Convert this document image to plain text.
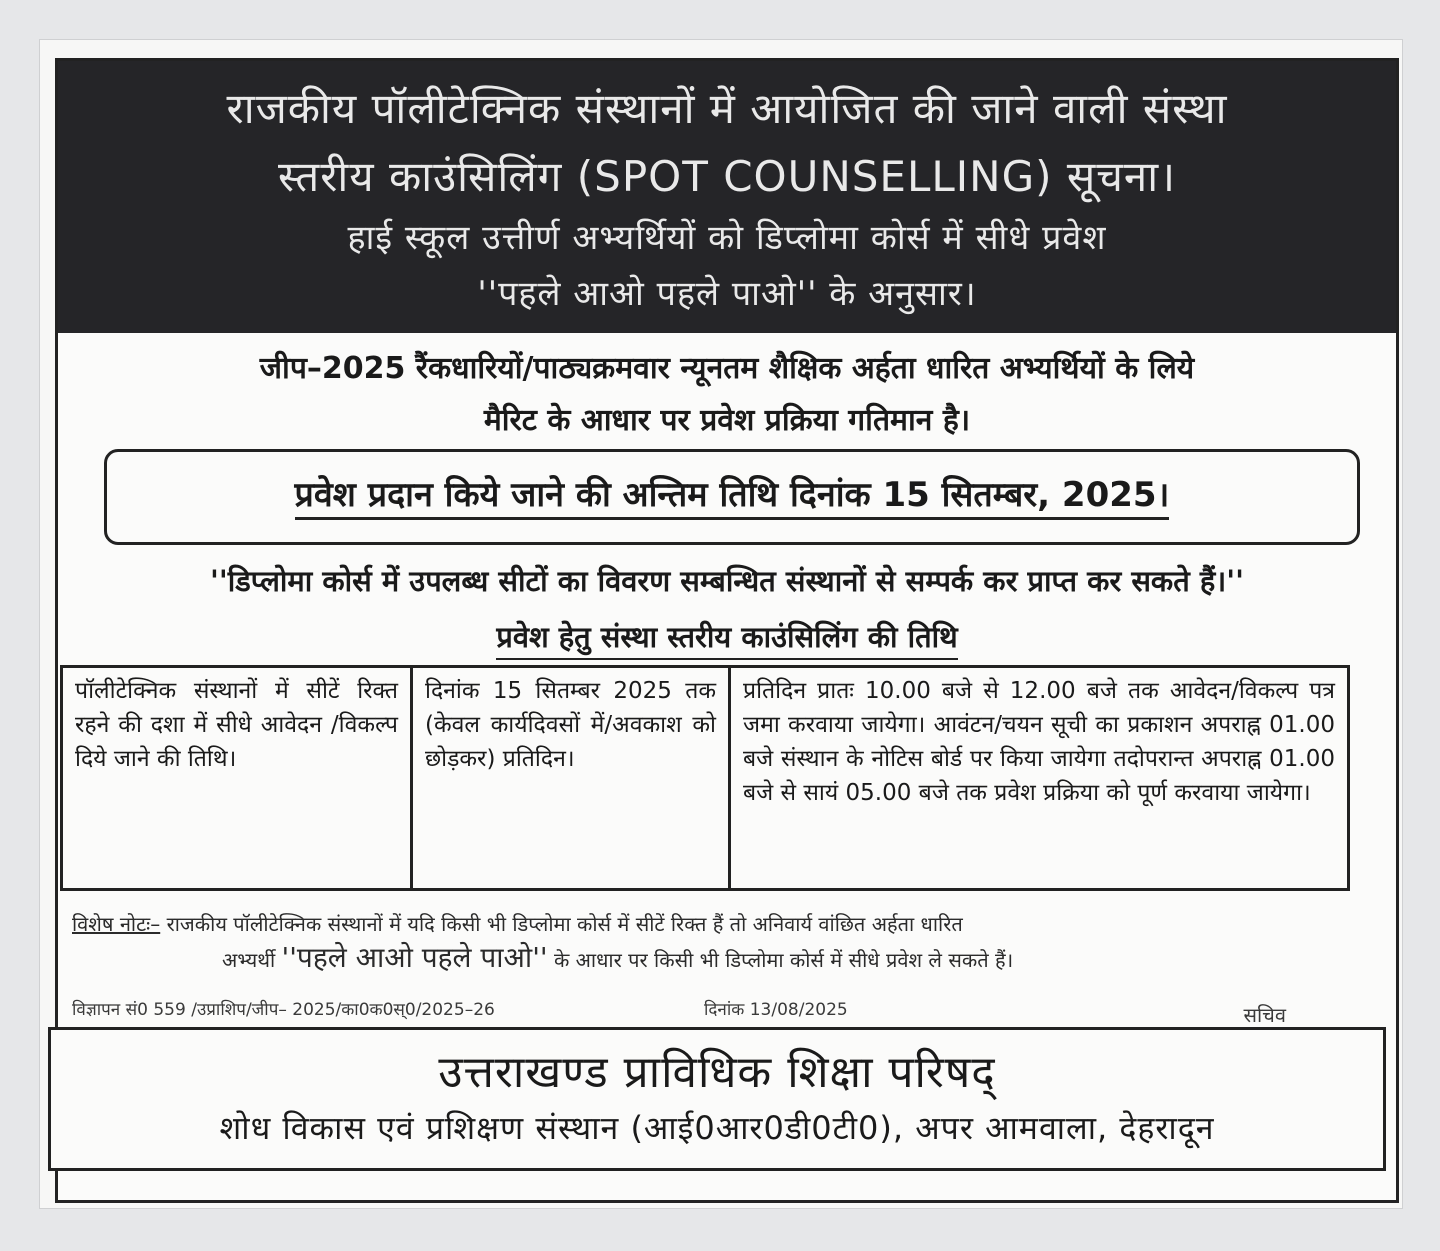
राजकीय पॉलीटेक्निक संस्थानों में आयोजित की जाने वाली संस्था
स्तरीय काउंसिलिंग (SPOT COUNSELLING) सूचना।
हाई स्कूल उत्तीर्ण अभ्यर्थियों को डिप्लोमा कोर्स में सीधे प्रवेश
''पहले आओ पहले पाओ'' के अनुसार।
जीप–2025 रैंकधारियों/पाठ्यक्रमवार न्यूनतम शैक्षिक अर्हता धारित अभ्यर्थियों के लिये
मैरिट के आधार पर प्रवेश प्रक्रिया गतिमान है।
प्रवेश प्रदान किये जाने की अन्तिम तिथि दिनांक 15 सितम्बर, 2025।
''डिप्लोमा कोर्स में उपलब्ध सीटों का विवरण सम्बन्धित संस्थानों से सम्पर्क कर प्राप्त कर सकते हैं।''
प्रवेश हेतु संस्था स्तरीय काउंसिलिंग की तिथि
पॉलीटेक्निक संस्थानों में सीटें रिक्त रहने की दशा में सीधे आवेदन /विकल्प दिये जाने की तिथि।
दिनांक 15 सितम्बर 2025 तक (केवल कार्यदिवसों में/अवकाश को छोड़कर) प्रतिदिन।
प्रतिदिन प्रातः 10.00 बजे से 12.00 बजे तक आवेदन/विकल्प पत्र जमा करवाया जायेगा। आवंटन/चयन सूची का प्रकाशन अपराह्न 01.00 बजे संस्थान के नोटिस बोर्ड पर किया जायेगा तदोपरान्त अपराह्न 01.00 बजे से सायं 05.00 बजे तक प्रवेश प्रक्रिया को पूर्ण करवाया जायेगा।
विशेष नोटः– राजकीय पॉलीटेक्निक संस्थानों में यदि किसी भी डिप्लोमा कोर्स में सीटें रिक्त हैं तो अनिवार्य वांछित अर्हता धारित
अभ्यर्थी ''पहले आओ पहले पाओ'' के आधार पर किसी भी डिप्लोमा कोर्स में सीधे प्रवेश ले सकते हैं।
विज्ञापन सं0 559 /उप्राशिप/जीप– 2025/का0क0स्0/2025–26	दिनांक 13/08/2025	सचिव
उत्तराखण्ड प्राविधिक शिक्षा परिषद्
शोध विकास एवं प्रशिक्षण संस्थान (आई0आर0डी0टी0), अपर आमवाला, देहरादून
